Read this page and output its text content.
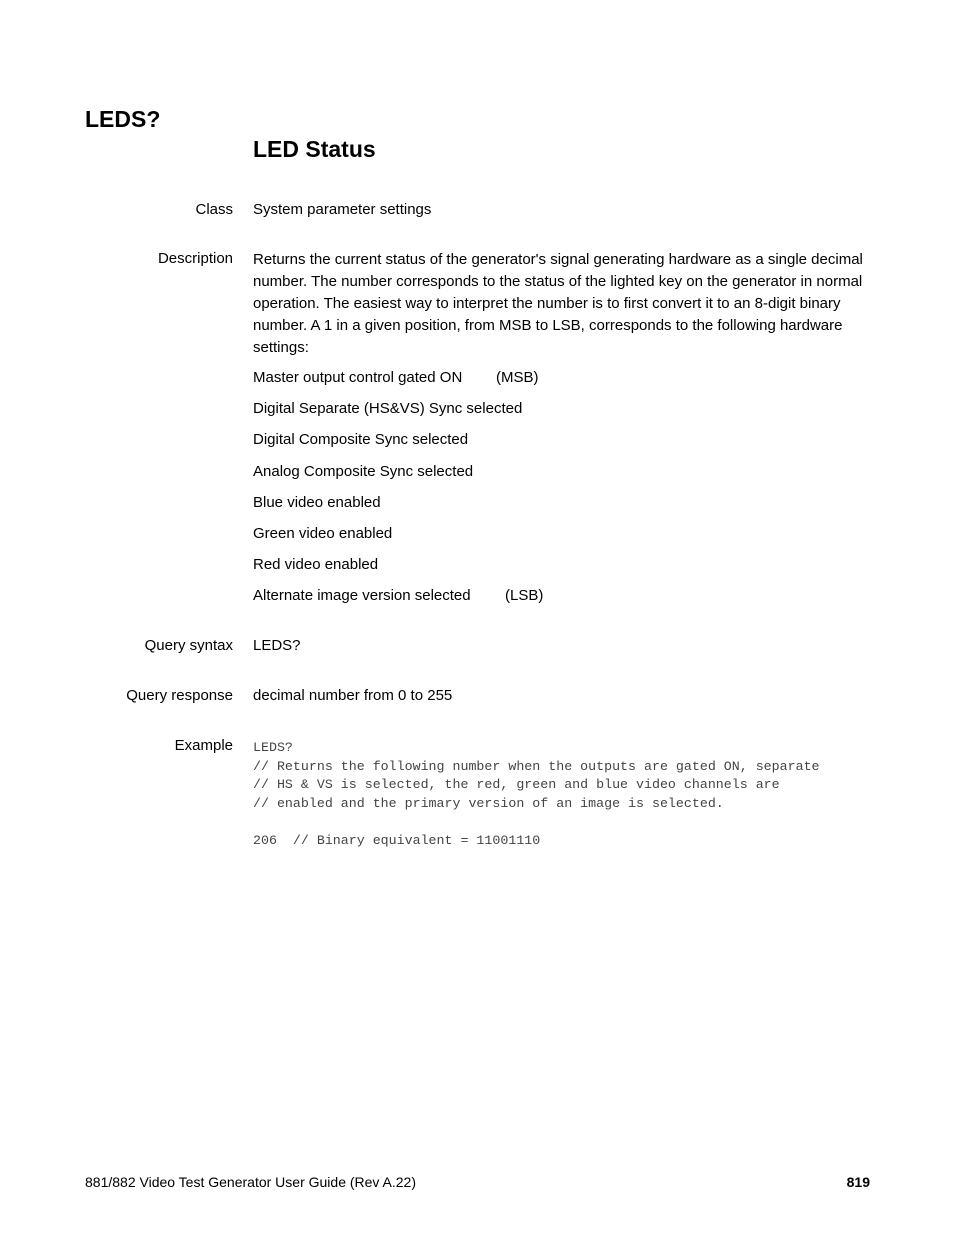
LEDS?
LED Status
Class System parameter settings
Description Returns the current status of the generator's signal generating hardware as a single decimal number. The number corresponds to the status of the lighted key on the generator in normal operation. The easiest way to interpret the number is to first convert it to an 8-digit binary number. A 1 in a given position, from MSB to LSB, corresponds to the following hardware settings:

Master output control gated ON (MSB)
Digital Separate (HS&VS) Sync selected
Digital Composite Sync selected
Analog Composite Sync selected
Blue video enabled
Green video enabled
Red video enabled
Alternate image version selected (LSB)
Query syntax LEDS?
Query response decimal number from 0 to 255
Example LEDS?
// Returns the following number when the outputs are gated ON, separate
// HS & VS is selected, the red, green and blue video channels are
// enabled and the primary version of an image is selected.

206  // Binary equivalent = 11001110
881/882 Video Test Generator User Guide (Rev A.22)	819
